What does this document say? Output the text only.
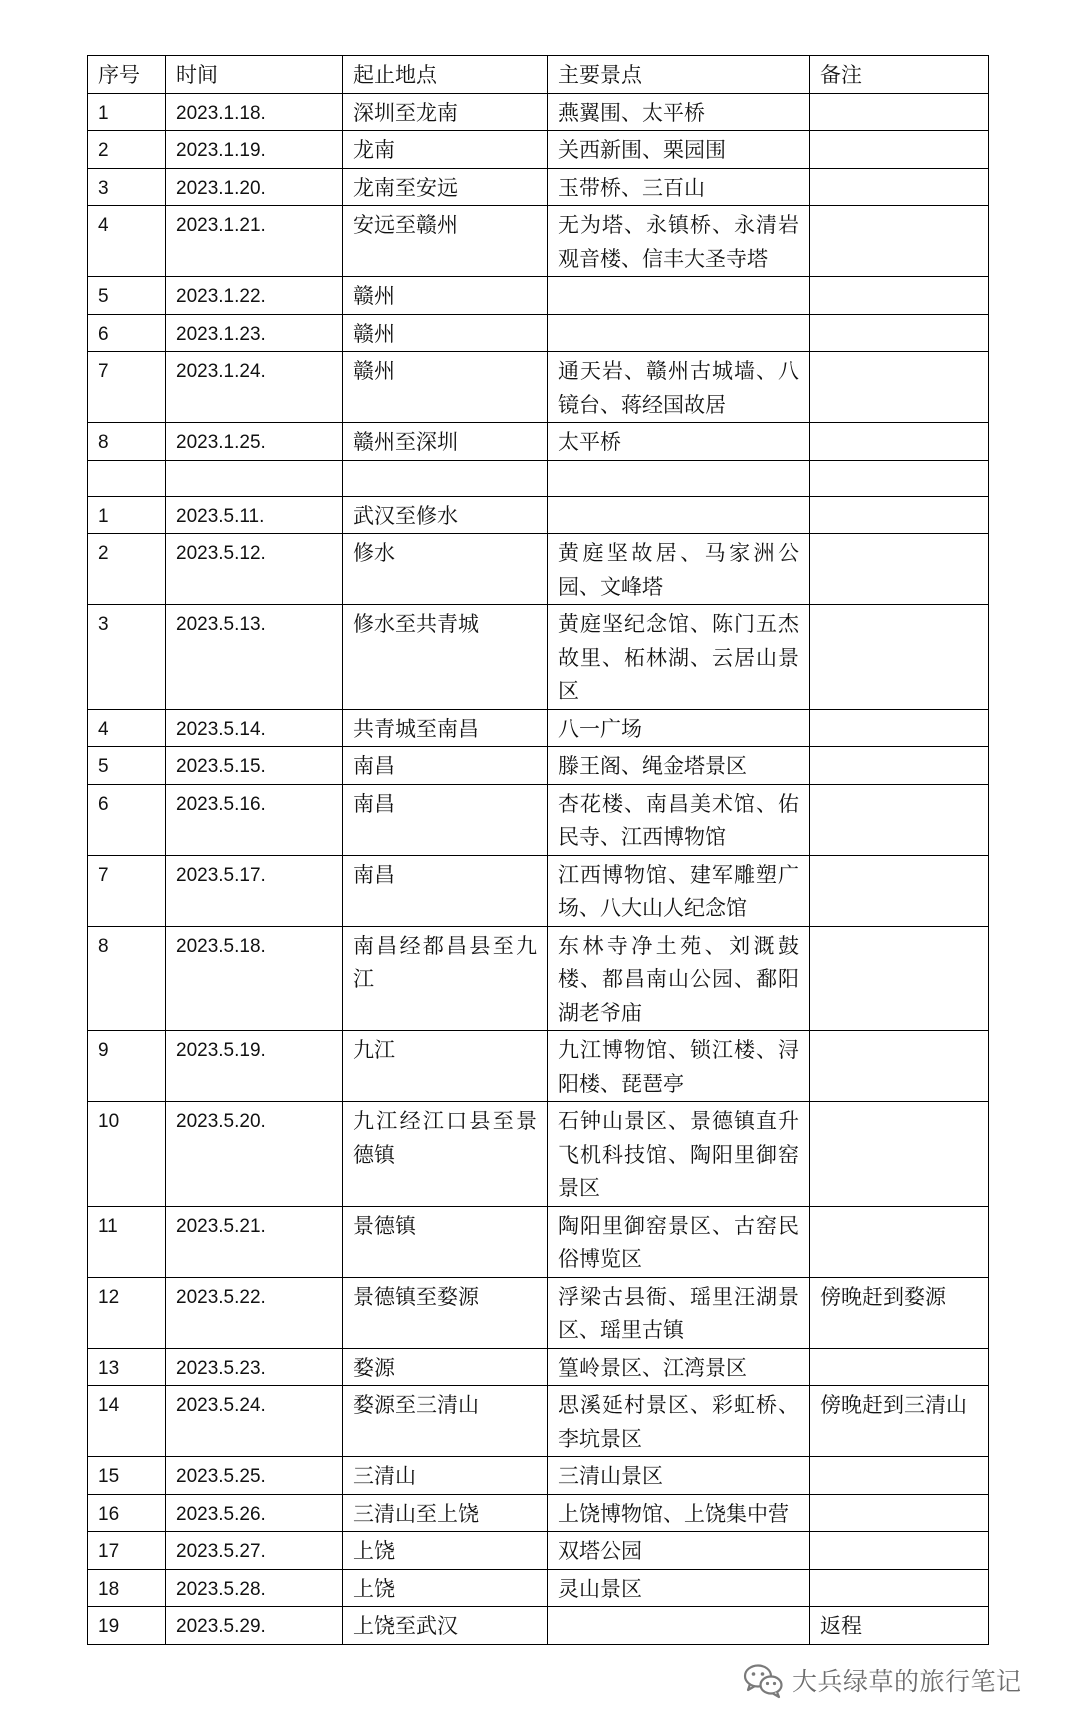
序号	时间	起止地点	主要景点	备注

1	2023.1.18.	深圳至龙南	燕翼围、太平桥	

2	2023.1.19.	龙南	关西新围、栗园围	

3	2023.1.20.	龙南至安远	玉带桥、三百山	

4	2023.1.21.	安远至赣州	无为塔、永镇桥、永清岩观音楼、信丰大圣寺塔	

5	2023.1.22.	赣州		

6	2023.1.23.	赣州		

7	2023.1.24.	赣州	通天岩、赣州古城墙、八镜台、蒋经国故居	

8	2023.1.25.	赣州至深圳	太平桥	

1	2023.5.11.	武汉至修水		

2	2023.5.12.	修水	黄庭坚故居、马家洲公园、文峰塔	

3	2023.5.13.	修水至共青城	黄庭坚纪念馆、陈门五杰故里、柘林湖、云居山景区	

4	2023.5.14.	共青城至南昌	八一广场	

5	2023.5.15.	南昌	滕王阁、绳金塔景区	

6	2023.5.16.	南昌	杏花楼、南昌美术馆、佑民寺、江西博物馆	

7	2023.5.17.	南昌	江西博物馆、建军雕塑广场、八大山人纪念馆	

8	2023.5.18.	南昌经都昌县至九江	东林寺净土苑、刘溉鼓楼、都昌南山公园、鄱阳湖老爷庙	

9	2023.5.19.	九江	九江博物馆、锁江楼、浔阳楼、琵琶亭	

10	2023.5.20.	九江经江口县至景德镇	石钟山景区、景德镇直升飞机科技馆、陶阳里御窑景区	

11	2023.5.21.	景德镇	陶阳里御窑景区、古窑民俗博览区	

12	2023.5.22.	景德镇至婺源	浮梁古县衙、瑶里汪湖景区、瑶里古镇	傍晚赶到婺源

13	2023.5.23.	婺源	篁岭景区、江湾景区	

14	2023.5.24.	婺源至三清山	思溪延村景区、彩虹桥、李坑景区	傍晚赶到三清山

15	2023.5.25.	三清山	三清山景区	

16	2023.5.26.	三清山至上饶	上饶博物馆、上饶集中营	

17	2023.5.27.	上饶	双塔公园	

18	2023.5.28.	上饶	灵山景区	

19	2023.5.29.	上饶至武汉		返程
大兵绿草的旅行笔记
